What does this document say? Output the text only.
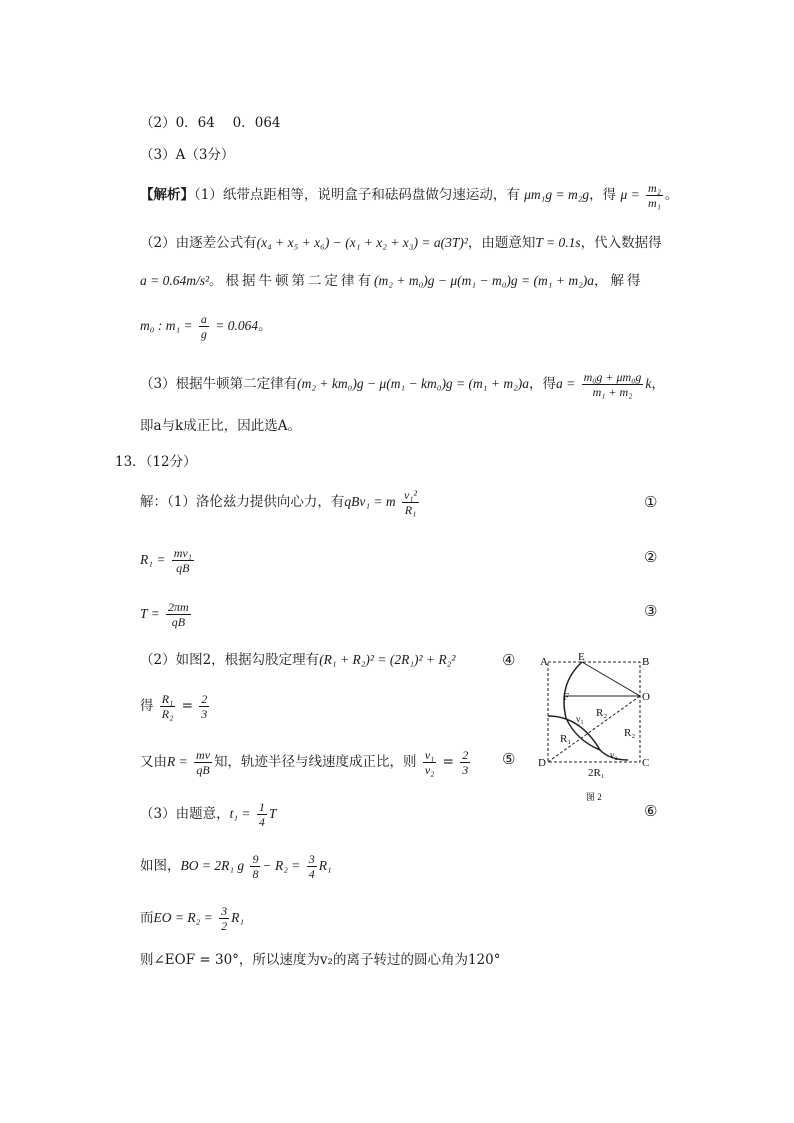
（2）0．64　 0．064
（3）A（3分）
【解析】（1）纸带点距相等，说明盒子和砝码盘做匀速运动，有 μm₁g = m₂g，得 $\mu = \frac{\text{m₂}}{\text{m₁}}$ 。
（2）由逐差公式有(x₄ + x₅ + x₆) − (x₁ + x₂ + x₃) = a(3T)²，由题意知T = 0.1s，代入数据得
a = 0.64m/s²。根据牛顿第二定律有(m₂ + m₀)g − μ(m₁ − m₀)g = (m₁ + m₂)a，解得
m₀ : $m_1 = \frac{a}{g} = 0.064$。
（3）根据牛顿第二定律有(m₂ + km₀)g − μ(m₁ − km₀)g = (m₁ + m₂)a，得$a = \frac{\text{m₀g + μm₀g}}{\text{m₁ + m₂}}$ k，
即a与k成正比，因此选A。
13．（12分）
解：（1）洛伦兹力提供向心力，有qBv₁ = m $\frac{\text{v₁²}}{\text{R₁}}$	①
$R_1 = \frac{\text{mv₁}}{qB}$	②
$T = \frac{2\pi m}{qB}$	③
（2）如图2，根据勾股定理有(R₁ + R₂)² = (2R₁)² + R₂²	④
得 $\frac{\text{R₁}}{\text{R₂}} = \frac{2}{3}$
又由$R = \frac{mv}{qB}$ 知，轨迹半径与线速度成正比，则 $\frac{\text{v₁}}{\text{v₂}} = \frac{2}{3}$ ⑤
（3）由题意，$t_1 = \frac{1}{4}$ T	⑥
如图，BO = 2R₁ g $\frac{9}{8} - R_2 = \frac{3}{4} R_1$
而EO = $R_2 = \frac{3}{2} R_1$
则∠EOF = 30°，所以速度为v₂的离子转过的圆心角为120°
A	E	B
F	O
R₂
v₁
R₁	R₂
v₂
D	C
2R₁
图 2
